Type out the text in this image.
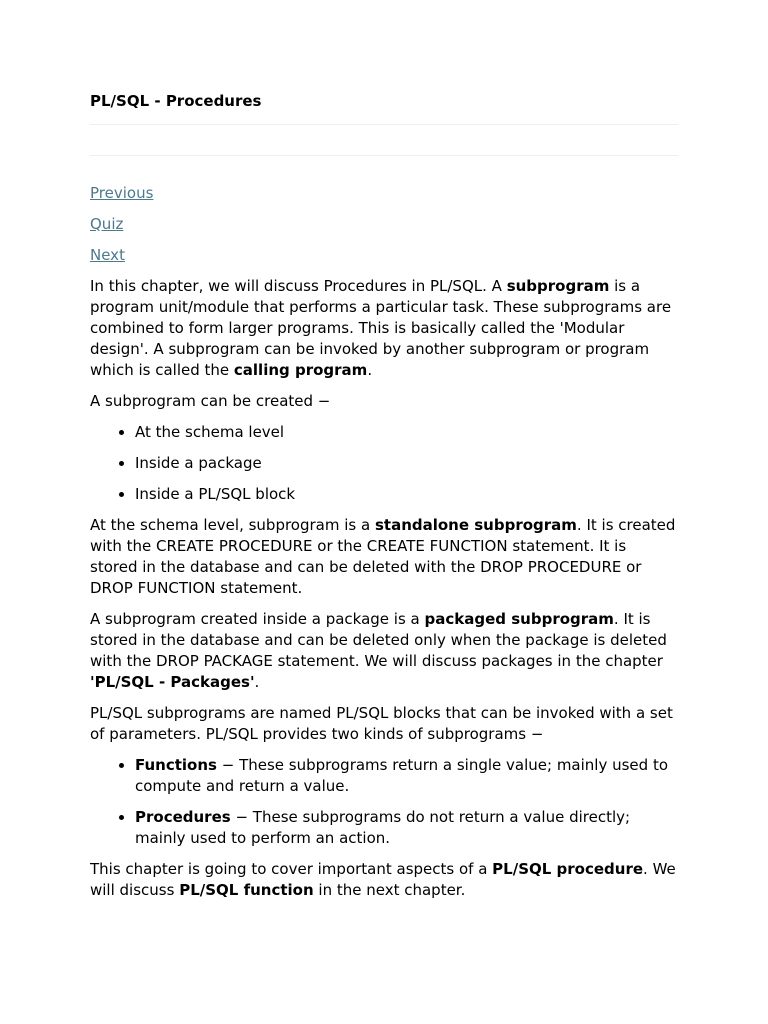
PL/SQL - Procedures
Previous
Quiz
Next

In this chapter, we will discuss Procedures in PL/SQL. A subprogram is a program unit/module that performs a particular task. These subprograms are combined to form larger programs. This is basically called the 'Modular design'. A subprogram can be invoked by another subprogram or program which is called the calling program.

A subprogram can be created −

• At the schema level
• Inside a package
• Inside a PL/SQL block

At the schema level, subprogram is a standalone subprogram. It is created with the CREATE PROCEDURE or the CREATE FUNCTION statement. It is stored in the database and can be deleted with the DROP PROCEDURE or DROP FUNCTION statement.

A subprogram created inside a package is a packaged subprogram. It is stored in the database and can be deleted only when the package is deleted with the DROP PACKAGE statement. We will discuss packages in the chapter 'PL/SQL - Packages'.

PL/SQL subprograms are named PL/SQL blocks that can be invoked with a set of parameters. PL/SQL provides two kinds of subprograms −

• Functions − These subprograms return a single value; mainly used to compute and return a value.
• Procedures − These subprograms do not return a value directly; mainly used to perform an action.

This chapter is going to cover important aspects of a PL/SQL procedure. We will discuss PL/SQL function in the next chapter.
